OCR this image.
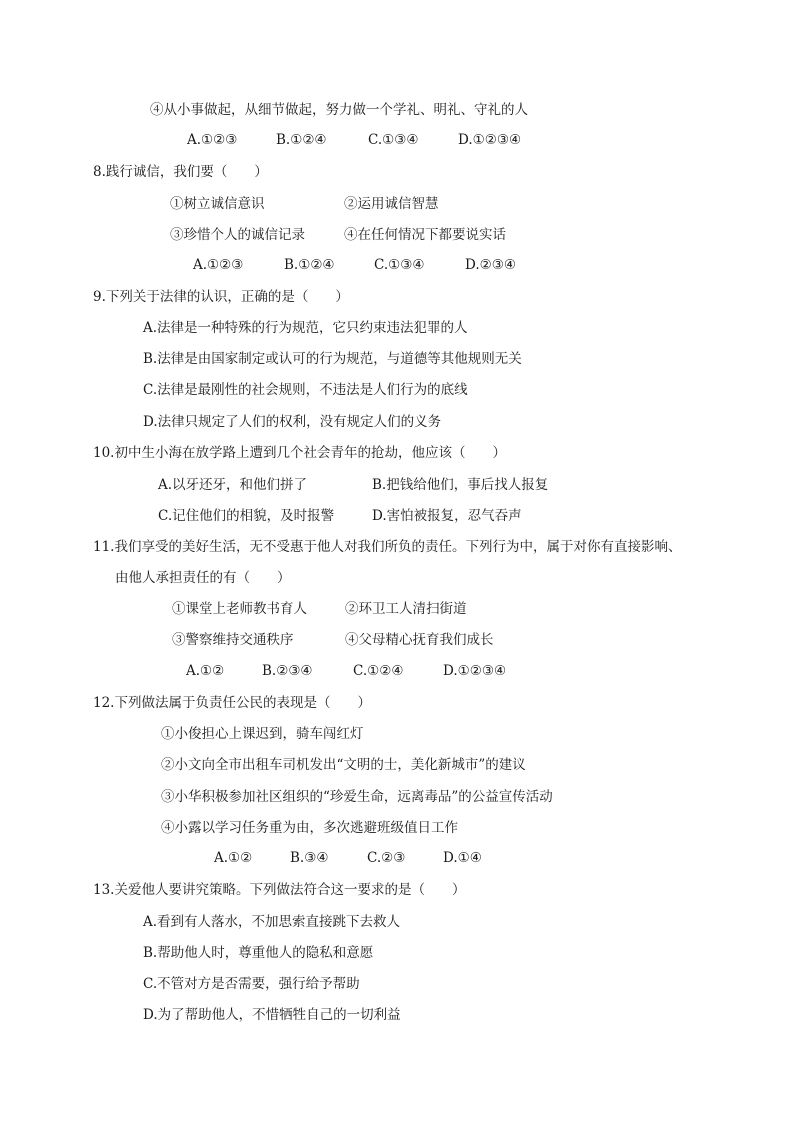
④从小事做起，从细节做起，努力做一个学礼、明礼、守礼的人
A.①②③	B.①②④	C.①③④	D.①②③④
8.践行诚信，我们要（　　）
①树立诚信意识	②运用诚信智慧
③珍惜个人的诚信记录	④在任何情况下都要说实话
A.①②③	B.①②④	C.①③④	D.②③④
9.下列关于法律的认识，正确的是（　　）
A.法律是一种特殊的行为规范，它只约束违法犯罪的人
B.法律是由国家制定或认可的行为规范，与道德等其他规则无关
C.法律是最刚性的社会规则，不违法是人们行为的底线
D.法律只规定了人们的权利，没有规定人们的义务
10.初中生小海在放学路上遭到几个社会青年的抢劫，他应该（　　）
A.以牙还牙，和他们拼了	B.把钱给他们，事后找人报复
C.记住他们的相貌，及时报警	D.害怕被报复，忍气吞声
11.我们享受的美好生活，无不受惠于他人对我们所负的责任。下列行为中，属于对你有直接影响、
由他人承担责任的有（　　）
①课堂上老师教书育人	②环卫工人清扫街道
③警察维持交通秩序	④父母精心抚育我们成长
A.①②	B.②③④	C.①②④	D.①②③④
12.下列做法属于负责任公民的表现是（　　）
①小俊担心上课迟到，骑车闯红灯
②小文向全市出租车司机发出“文明的士，美化新城市”的建议
③小华积极参加社区组织的“珍爱生命，远离毒品”的公益宣传活动
④小露以学习任务重为由，多次逃避班级值日工作
A.①②	B.③④	C.②③	D.①④
13.关爱他人要讲究策略。下列做法符合这一要求的是（　　）
A.看到有人落水，不加思索直接跳下去救人
B.帮助他人时，尊重他人的隐私和意愿
C.不管对方是否需要，强行给予帮助
D.为了帮助他人，不惜牺牲自己的一切利益
